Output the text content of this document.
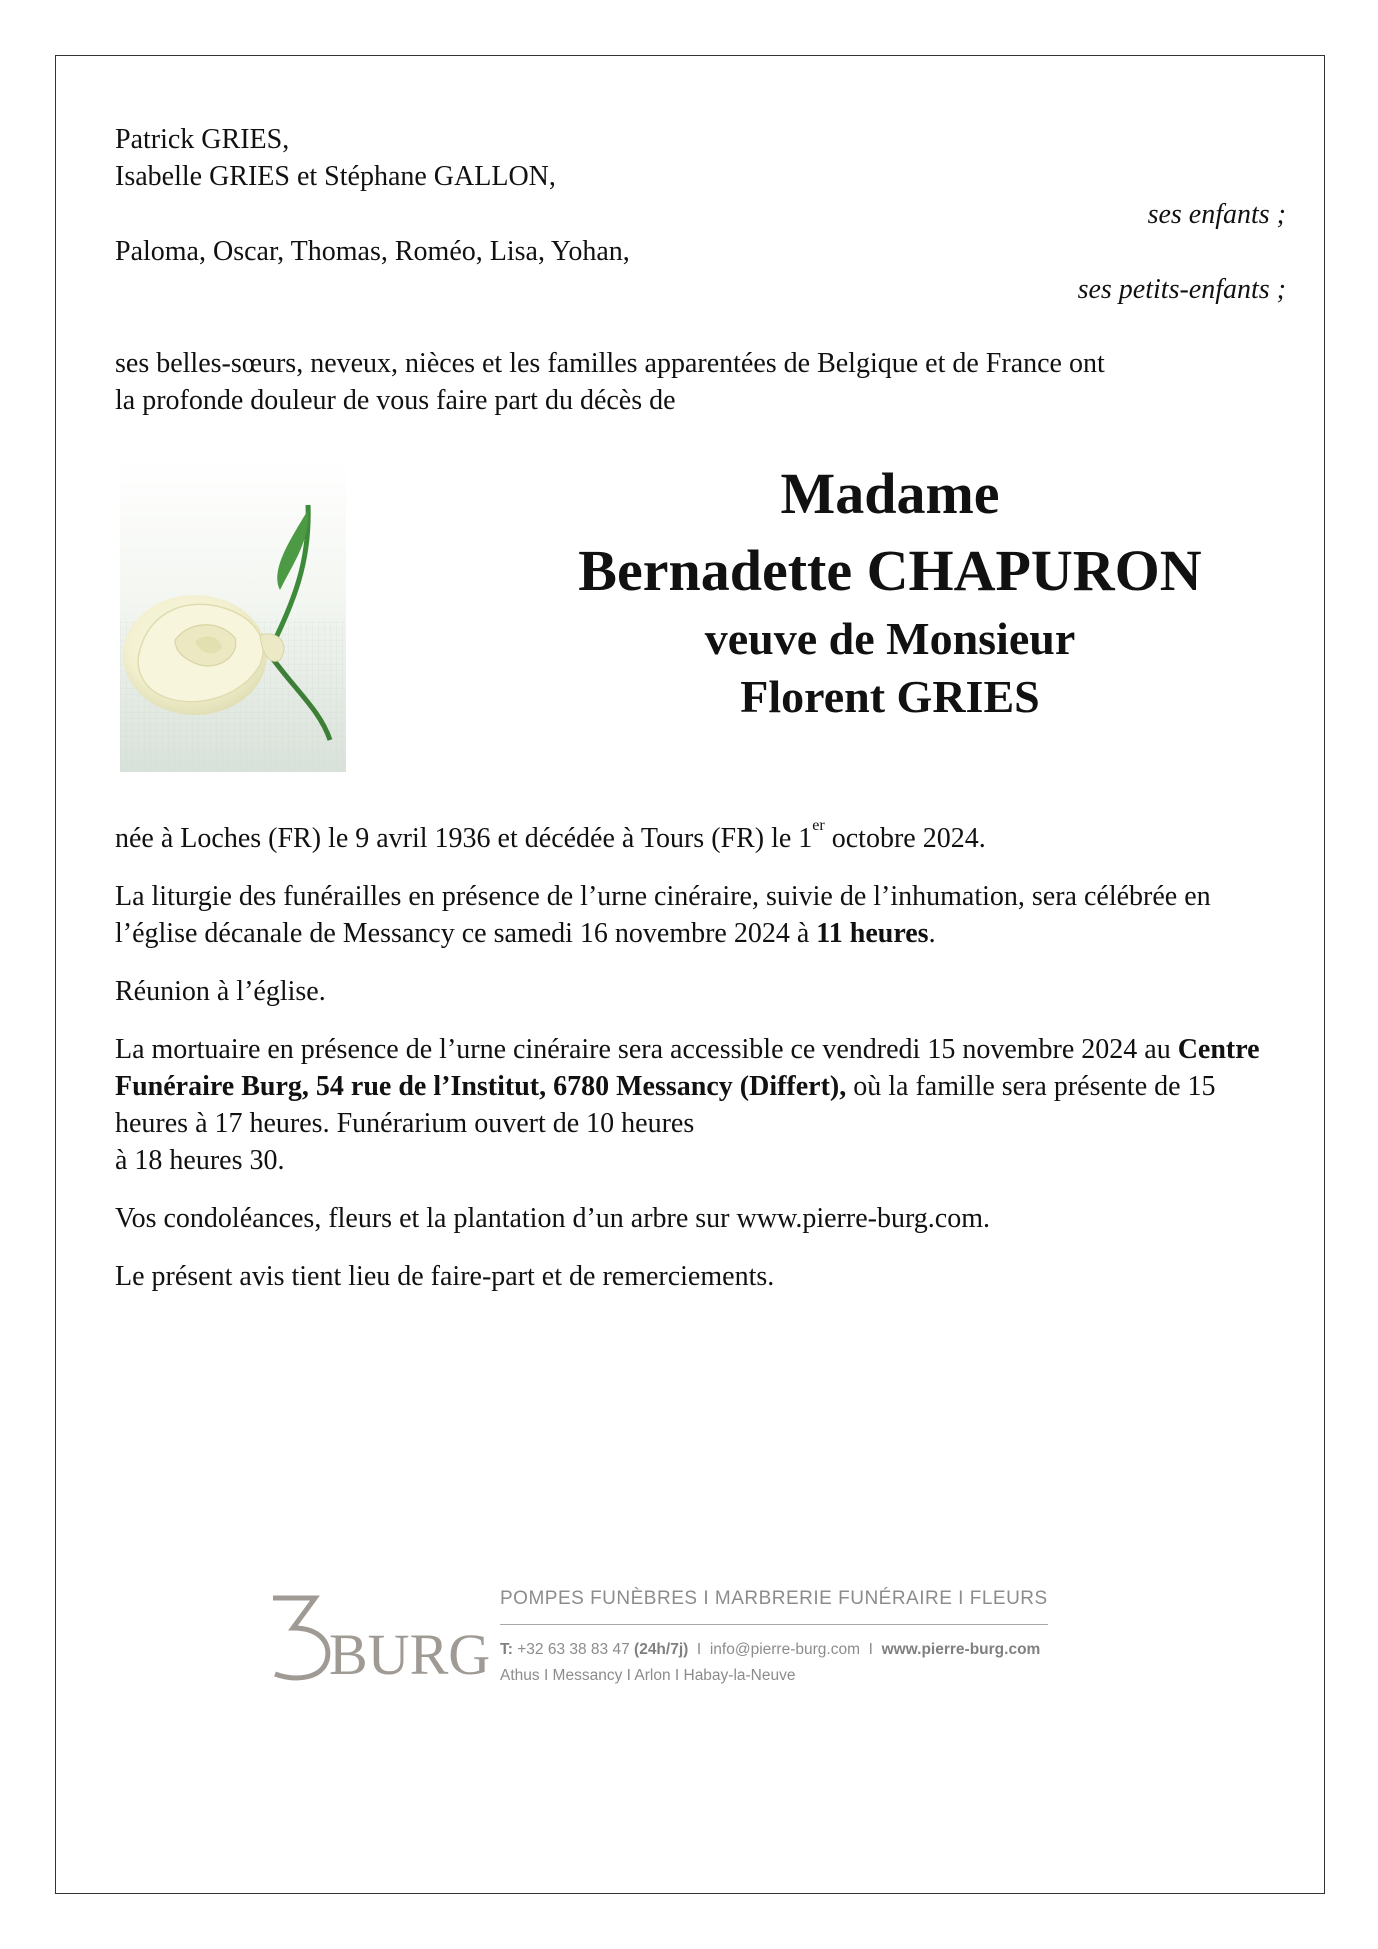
Patrick GRIES,
Isabelle GRIES et Stéphane GALLON,
ses enfants ;
Paloma, Oscar, Thomas, Roméo, Lisa, Yohan,
ses petits-enfants ;
ses belles-sœurs, neveux, nièces et les familles apparentées de Belgique et de France ont
la profonde douleur de vous faire part du décès de
Madame
Bernadette CHAPURON
veuve de Monsieur
Florent GRIES

née à Loches (FR) le 9 avril 1936 et décédée à Tours (FR) le 1er octobre 2024.

La liturgie des funérailles en présence de l’urne cinéraire, suivie de l’inhumation, sera célébrée en l’église décanale de Messancy ce samedi 16 novembre 2024 à 11 heures.

Réunion à l’église.

La mortuaire en présence de l’urne cinéraire sera accessible ce vendredi 15 novembre 2024 au Centre Funéraire Burg, 54 rue de l’Institut, 6780 Messancy (Differt), où la famille sera présente de 15 heures à 17 heures. Funérarium ouvert de 10 heures
à 18 heures 30.

Vos condoléances, fleurs et la plantation d’un arbre sur www.pierre-burg.com.

Le présent avis tient lieu de faire-part et de remerciements.

BURG
POMPES FUNÈBRES I MARBRERIE FUNÉRAIRE I FLEURS
T: +32 63 38 83 47 (24h/7j) I info@pierre-burg.com I www.pierre-burg.com
Athus I Messancy I Arlon I Habay-la-Neuve
